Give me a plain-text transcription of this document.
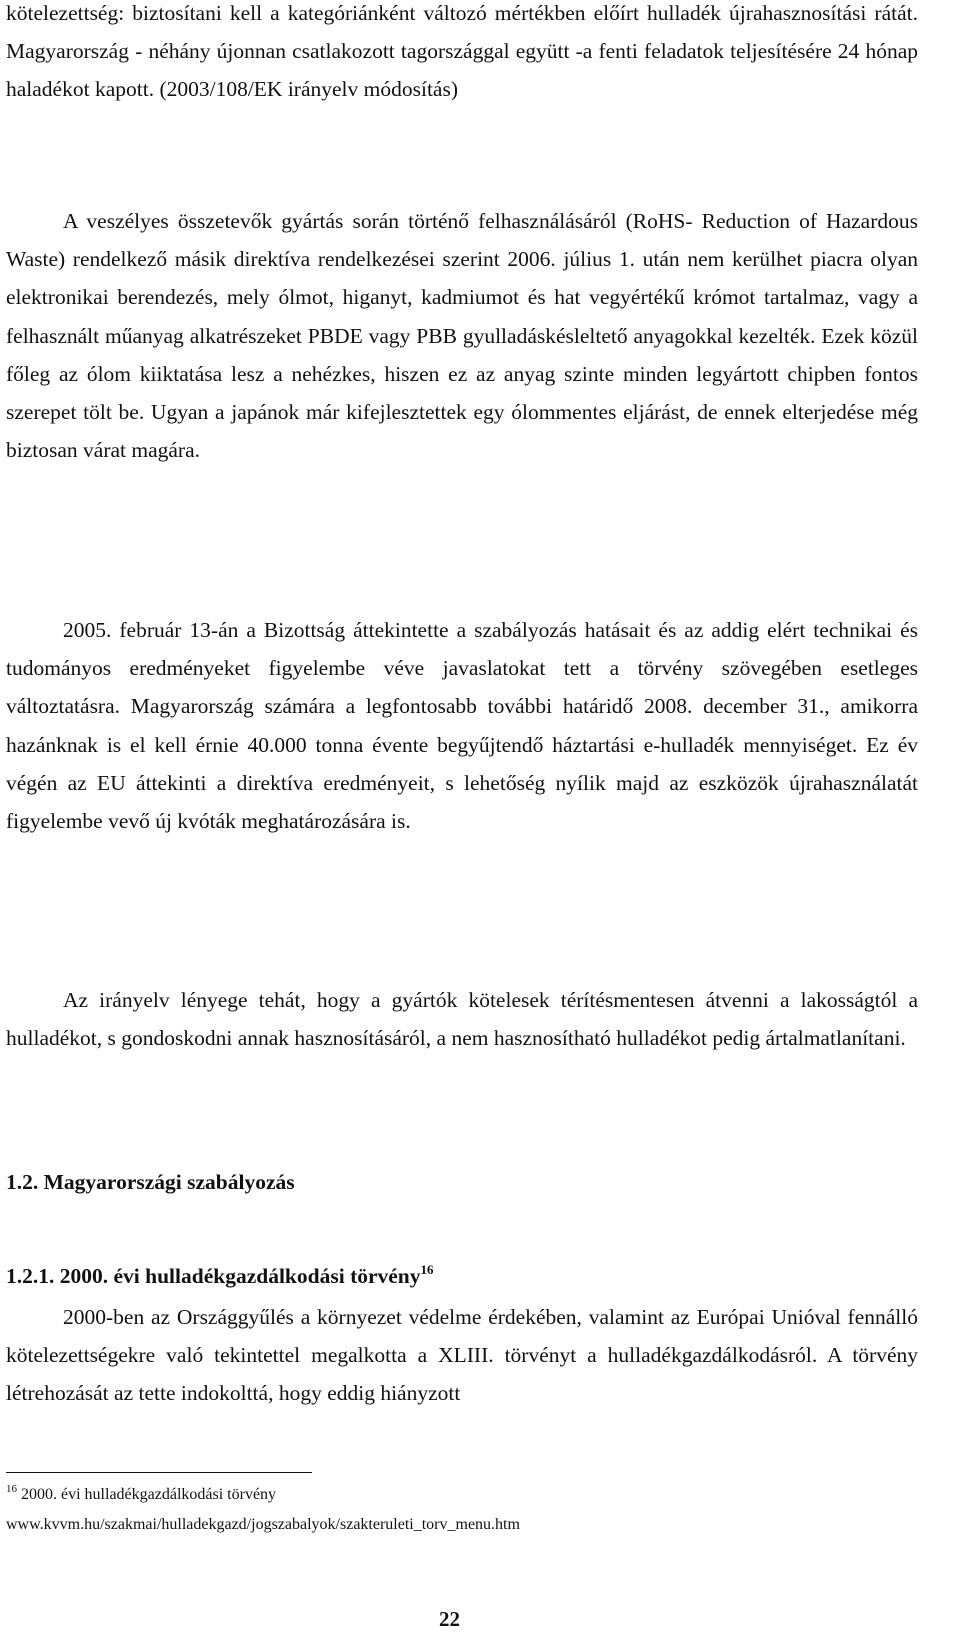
kötelezettség: biztosítani kell a kategóriánként változó mértékben előírt hulladék újrahasznosítási rátát. Magyarország - néhány újonnan csatlakozott tagországgal együtt -a fenti feladatok teljesítésére 24 hónap haladékot kapott. (2003/108/EK irányelv módosítás)

A veszélyes összetevők gyártás során történő felhasználásáról (RoHS- Reduction of Hazardous Waste) rendelkező másik direktíva rendelkezései szerint 2006. július 1. után nem kerülhet piacra olyan elektronikai berendezés, mely ólmot, higanyt, kadmiumot és hat vegyértékű krómot tartalmaz, vagy a felhasznált műanyag alkatrészeket PBDE vagy PBB gyulladáskésleltető anyagokkal kezelték. Ezek közül főleg az ólom kiiktatása lesz a nehézkes, hiszen ez az anyag szinte minden legyártott chipben fontos szerepet tölt be. Ugyan a japánok már kifejlesztettek egy ólommentes eljárást, de ennek elterjedése még biztosan várat magára.

2005. február 13-án a Bizottság áttekintette a szabályozás hatásait és az addig elért technikai és tudományos eredményeket figyelembe véve javaslatokat tett a törvény szövegében esetleges változtatásra. Magyarország számára a legfontosabb további határidő 2008. december 31., amikorra hazánknak is el kell érnie 40.000 tonna évente begyűjtendő háztartási e-hulladék mennyiséget. Ez év végén az EU áttekinti a direktíva eredményeit, s lehetőség nyílik majd az eszközök újrahasználatát figyelembe vevő új kvóták meghatározására is.

Az irányelv lényege tehát, hogy a gyártók kötelesek térítésmentesen átvenni a lakosságtól a hulladékot, s gondoskodni annak hasznosításáról, a nem hasznosítható hulladékot pedig ártalmatlanítani.

1.2. Magyarországi szabályozás

1.2.1. 2000. évi hulladékgazdálkodási törvény$^{16}$

2000-ben az Országgyűlés a környezet védelme érdekében, valamint az Európai Unióval fennálló kötelezettségekre való tekintettel megalkotta a XLIII. törvényt a hulladékgazdálkodásról. A törvény létrehozását az tette indokolttá, hogy eddig hiányzott

$^{16}$ 2000. évi hulladékgazdálkodási törvény

www.kvvm.hu/szakmai/hulladekgazd/jogszabalyok/szakteruleti_torv_menu.htm

22
